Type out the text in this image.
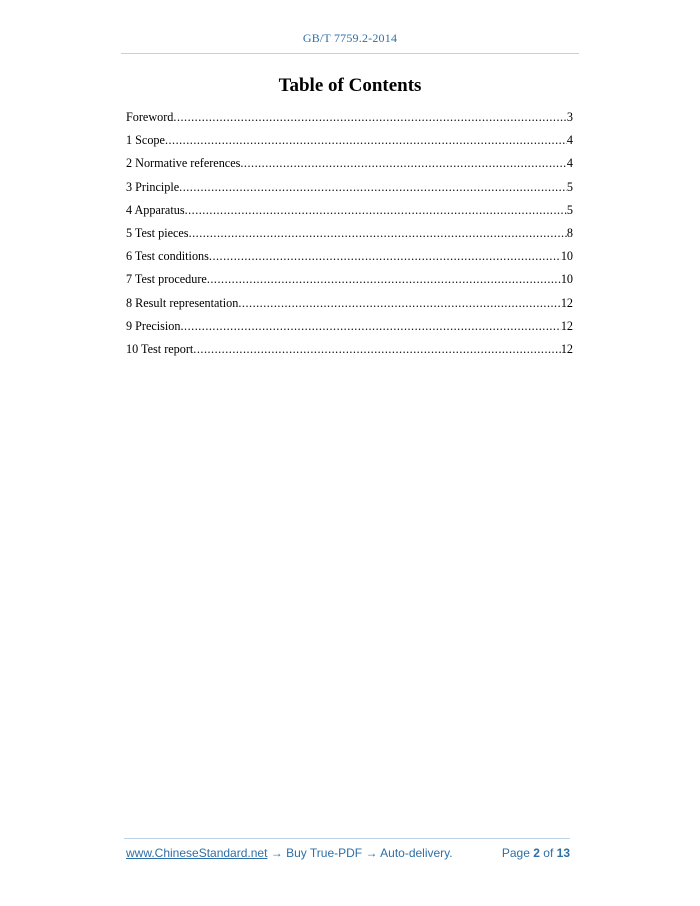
GB/T 7759.2-2014
Table of Contents
Foreword .....	3
1 Scope .....	4
2 Normative references .....	4
3 Principle .....	5
4 Apparatus .....	5
5 Test pieces .....	8
6 Test conditions .....	10
7 Test procedure .....	10
8 Result representation .....	12
9 Precision .....	12
10 Test report .....	12
www.ChineseStandard.net → Buy True-PDF → Auto-delivery.	Page 2 of 13
